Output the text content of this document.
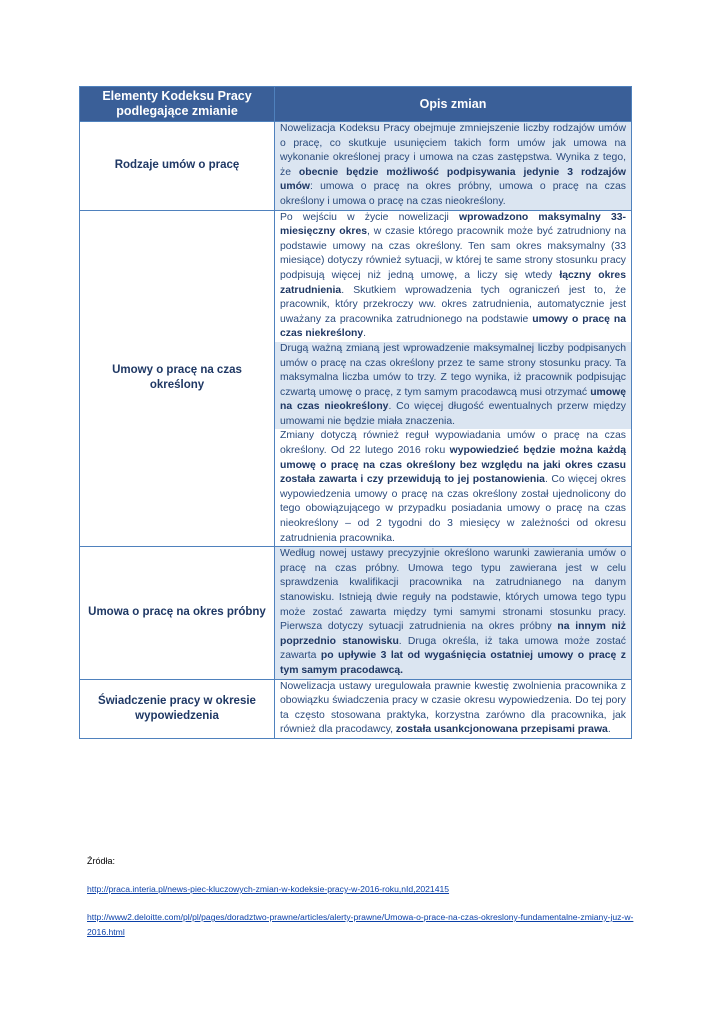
Elementy Kodeksu Pracy podlegające zmianie	Opis zmian
Rodzaje umów o pracę	Nowelizacja Kodeksu Pracy obejmuje zmniejszenie liczby rodzajów umów o pracę, co skutkuje usunięciem takich form umów jak umowa na wykonanie określonej pracy i umowa na czas zastępstwa. Wynika z tego, że obecnie będzie możliwość podpisywania jedynie 3 rodzajów umów: umowa o pracę na okres próbny, umowa o pracę na czas określony i umowa o pracę na czas nieokreślony.

Umowy o pracę na czas określony	Po wejściu w życie nowelizacji wprowadzono maksymalny 33-miesięczny okres, w czasie którego pracownik może być zatrudniony na podstawie umowy na czas określony. Ten sam okres maksymalny (33 miesiące) dotyczy również sytuacji, w której te same strony stosunku pracy podpisują więcej niż jedną umowę, a liczy się wtedy łączny okres zatrudnienia. Skutkiem wprowadzenia tych ograniczeń jest to, że pracownik, który przekroczy ww. okres zatrudnienia, automatycznie jest uważany za pracownika zatrudnionego na podstawie umowy o pracę na czas niekreślony.
Drugą ważną zmianą jest wprowadzenie maksymalnej liczby podpisanych umów o pracę na czas określony przez te same strony stosunku pracy. Ta maksymalna liczba umów to trzy. Z tego wynika, iż pracownik podpisując czwartą umowę o pracę, z tym samym pracodawcą musi otrzymać umowę na czas nieokreślony. Co więcej długość ewentualnych przerw między umowami nie będzie miała znaczenia.
Zmiany dotyczą również reguł wypowiadania umów o pracę na czas określony. Od 22 lutego 2016 roku wypowiedzieć będzie można każdą umowę o pracę na czas określony bez względu na jaki okres czasu została zawarta i czy przewidują to jej postanowienia. Co więcej okres wypowiedzenia umowy o pracę na czas określony został ujednolicony do tego obowiązującego w przypadku posiadania umowy o pracę na czas nieokreślony – od 2 tygodni do 3 miesięcy w zależności od okresu zatrudnienia pracownika.

Umowa o pracę na okres próbny	Według nowej ustawy precyzyjnie określono warunki zawierania umów o pracę na czas próbny. Umowa tego typu zawierana jest w celu sprawdzenia kwalifikacji pracownika na zatrudnianego na danym stanowisku. Istnieją dwie reguły na podstawie, których umowa tego typu może zostać zawarta między tymi samymi stronami stosunku pracy. Pierwsza dotyczy sytuacji zatrudnienia na okres próbny na innym niż poprzednio stanowisku. Druga określa, iż taka umowa może zostać zawarta po upływie 3 lat od wygaśnięcia ostatniej umowy o pracę z tym samym pracodawcą.

Świadczenie pracy w okresie wypowiedzenia	Nowelizacja ustawy uregulowała prawnie kwestię zwolnienia pracownika z obowiązku świadczenia pracy w czasie okresu wypowiedzenia. Do tej pory ta często stosowana praktyka, korzystna zarówno dla pracownika, jak również dla pracodawcy, została usankcjonowana przepisami prawa.
Źródła:
http://praca.interia.pl/news-piec-kluczowych-zmian-w-kodeksie-pracy-w-2016-roku,nId,2021415
http://www2.deloitte.com/pl/pl/pages/doradztwo-prawne/articles/alerty-prawne/Umowa-o-prace-na-czas-okreslony-fundamentalne-zmiany-juz-w-2016.html
